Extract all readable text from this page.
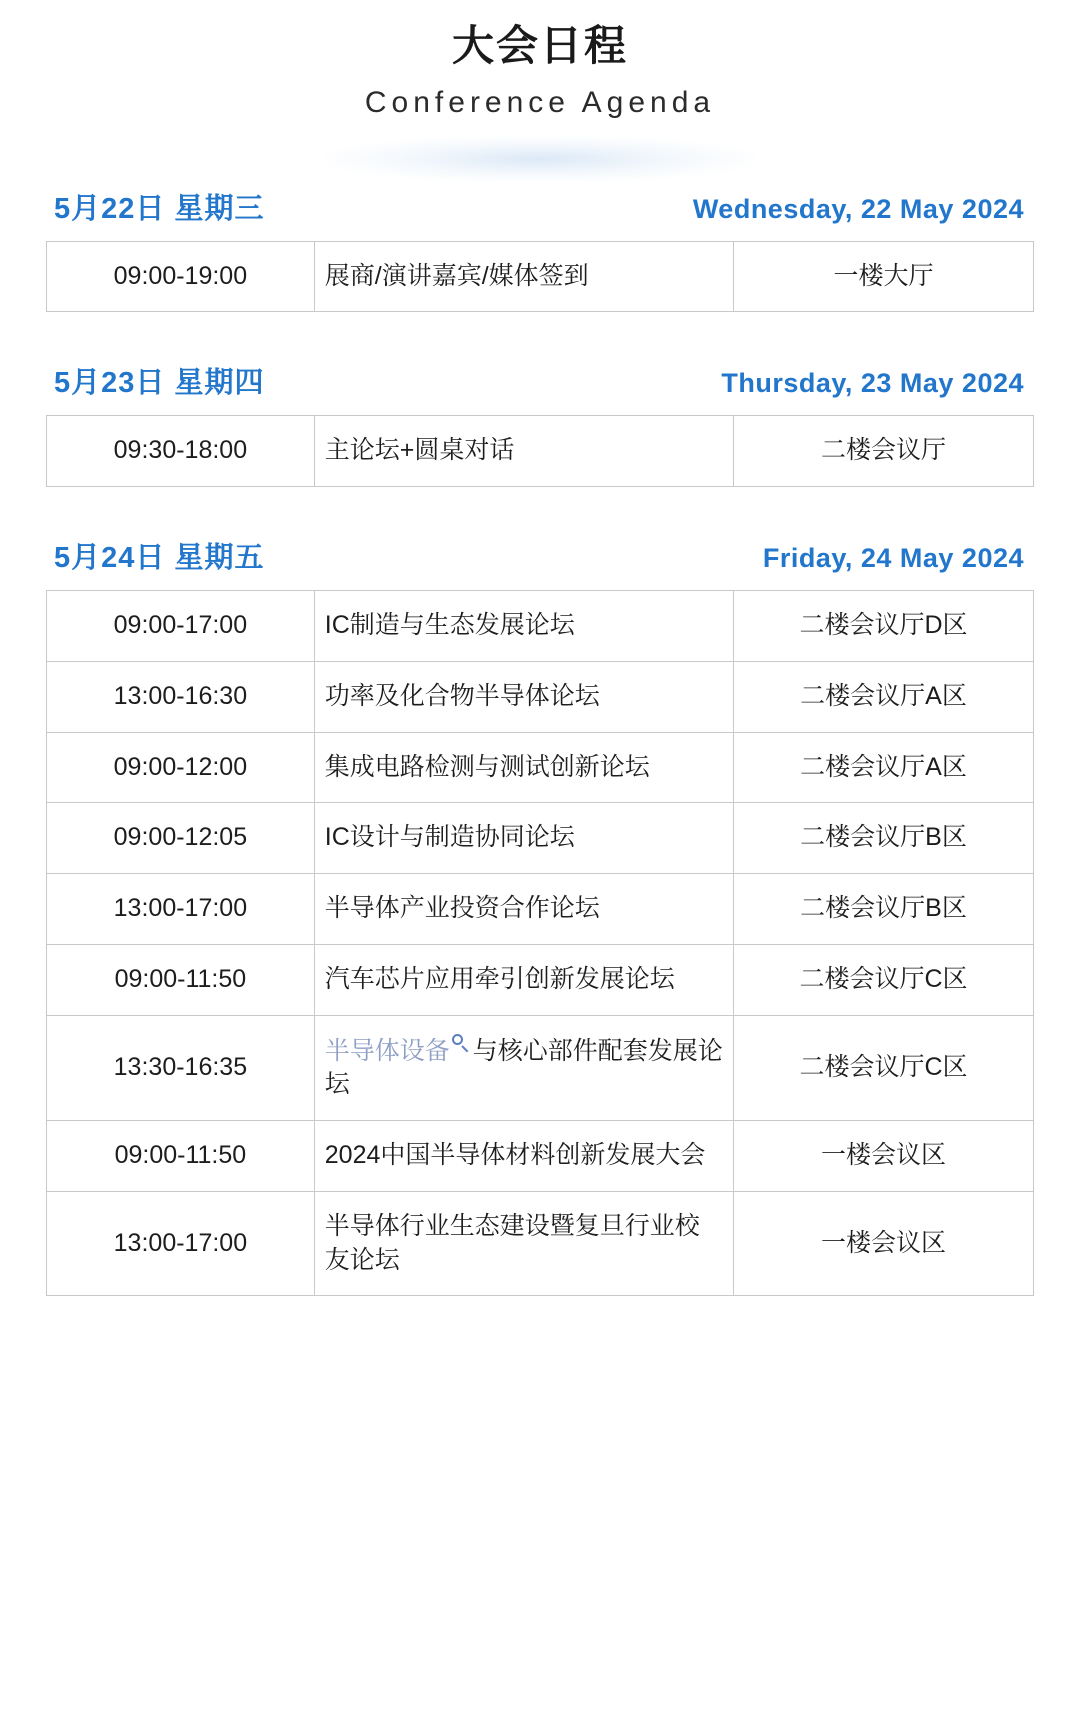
大会日程
Conference Agenda
5月22日 星期三	Wednesday, 22 May 2024
09:00-19:00	展商/演讲嘉宾/媒体签到	一楼大厅
5月23日 星期四	Thursday, 23 May 2024
09:30-18:00	主论坛+圆桌对话	二楼会议厅
5月24日 星期五	Friday, 24 May 2024
09:00-17:00	IC制造与生态发展论坛	二楼会议厅D区
13:00-16:30	功率及化合物半导体论坛	二楼会议厅A区
09:00-12:00	集成电路检测与测试创新论坛	二楼会议厅A区
09:00-12:05	IC设计与制造协同论坛	二楼会议厅B区
13:00-17:00	半导体产业投资合作论坛	二楼会议厅B区
09:00-11:50	汽车芯片应用牵引创新发展论坛	二楼会议厅C区
13:30-16:35	半导体设备 与核心部件配套发展论坛	二楼会议厅C区
09:00-11:50	2024中国半导体材料创新发展大会	一楼会议区
13:00-17:00	半导体行业生态建设暨复旦行业校友论坛	一楼会议区
